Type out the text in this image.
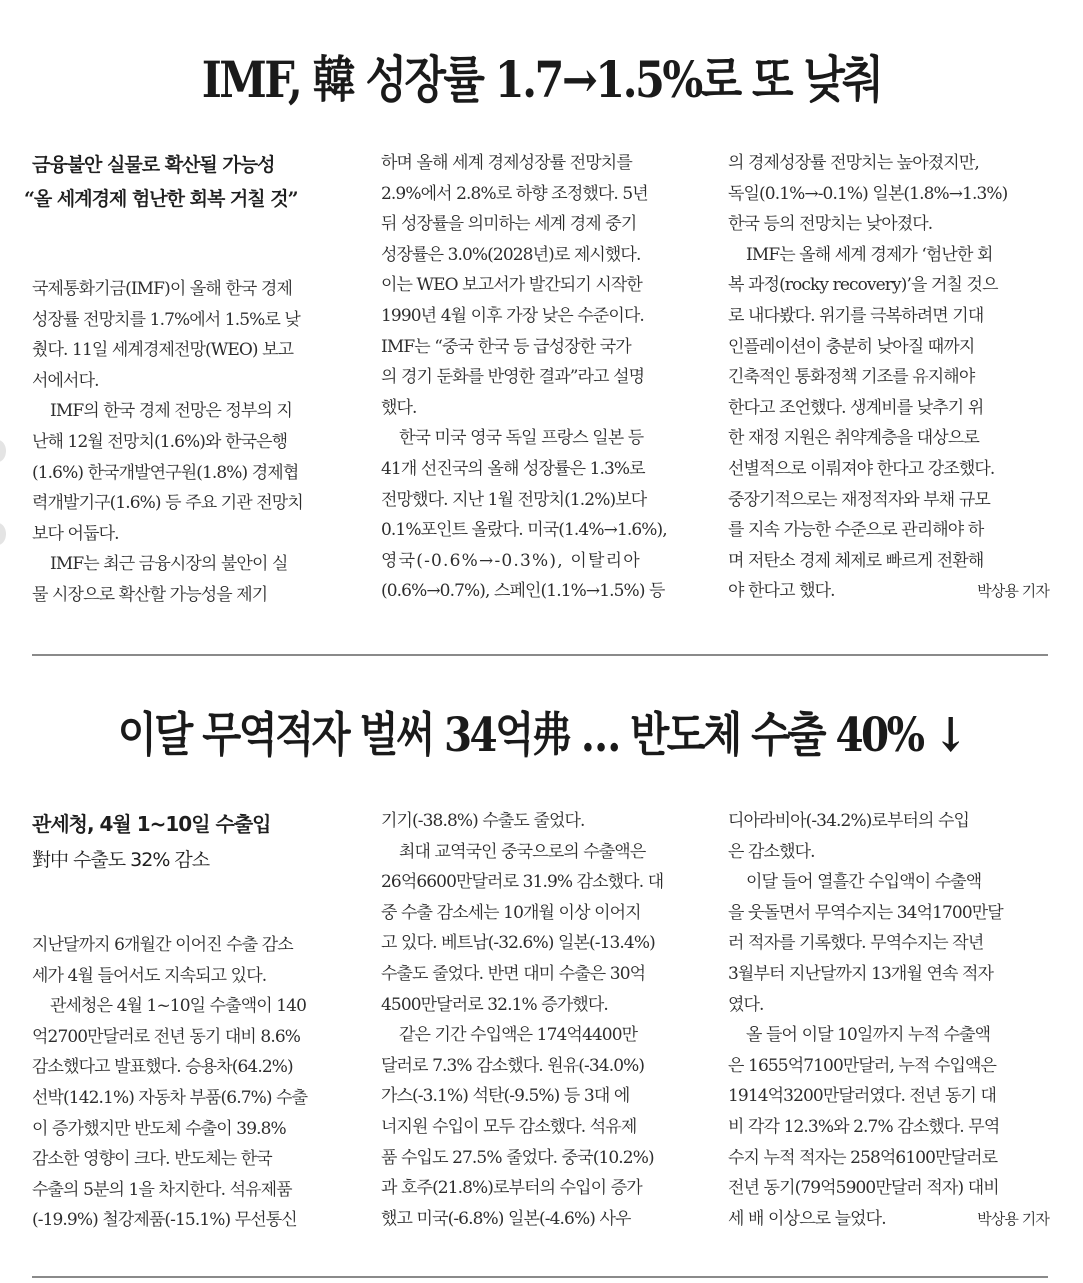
IMF, 韓 성장률 1.7→1.5%로 또 낮춰
금융불안 실물로 확산될 가능성
“올 세계경제 험난한 회복 거칠 것”
국제통화기금(IMF)이 올해 한국 경제
성장률 전망치를 1.7%에서 1.5%로 낮
췄다. 11일 세계경제전망(WEO) 보고
서에서다.
IMF의 한국 경제 전망은 정부의 지
난해 12월 전망치(1.6%)와 한국은행
(1.6%) 한국개발연구원(1.8%) 경제협
력개발기구(1.6%) 등 주요 기관 전망치
보다 어둡다.
IMF는 최근 금융시장의 불안이 실
물 시장으로 확산할 가능성을 제기
하며 올해 세계 경제성장률 전망치를
2.9%에서 2.8%로 하향 조정했다. 5년
뒤 성장률을 의미하는 세계 경제 중기
성장률은 3.0%(2028년)로 제시했다.
이는 WEO 보고서가 발간되기 시작한
1990년 4월 이후 가장 낮은 수준이다.
IMF는 “중국 한국 등 급성장한 국가
의 경기 둔화를 반영한 결과”라고 설명
했다.
한국 미국 영국 독일 프랑스 일본 등
41개 선진국의 올해 성장률은 1.3%로
전망했다. 지난 1월 전망치(1.2%)보다
0.1%포인트 올랐다. 미국(1.4%→1.6%),
영국(-0.6%→-0.3%), 이탈리아
(0.6%→0.7%), 스페인(1.1%→1.5%) 등
의 경제성장률 전망치는 높아졌지만,
독일(0.1%→-0.1%) 일본(1.8%→1.3%)
한국 등의 전망치는 낮아졌다.
IMF는 올해 세계 경제가 ‘험난한 회
복 과정(rocky recovery)’을 거칠 것으
로 내다봤다. 위기를 극복하려면 기대
인플레이션이 충분히 낮아질 때까지
긴축적인 통화정책 기조를 유지해야
한다고 조언했다. 생계비를 낮추기 위
한 재정 지원은 취약계층을 대상으로
선별적으로 이뤄져야 한다고 강조했다.
중장기적으로는 재정적자와 부채 규모
를 지속 가능한 수준으로 관리해야 하
며 저탄소 경제 체제로 빠르게 전환해
야 한다고 했다.	박상용 기자
이달 무역적자 벌써 34억弗 … 반도체 수출 40% ↓
관세청, 4월 1~10일 수출입
對中 수출도 32% 감소
지난달까지 6개월간 이어진 수출 감소
세가 4월 들어서도 지속되고 있다.
관세청은 4월 1~10일 수출액이 140
억2700만달러로 전년 동기 대비 8.6%
감소했다고 발표했다. 승용차(64.2%)
선박(142.1%) 자동차 부품(6.7%) 수출
이 증가했지만 반도체 수출이 39.8%
감소한 영향이 크다. 반도체는 한국
수출의 5분의 1을 차지한다. 석유제품
(-19.9%) 철강제품(-15.1%) 무선통신
기기(-38.8%) 수출도 줄었다.
최대 교역국인 중국으로의 수출액은
26억6600만달러로 31.9% 감소했다. 대
중 수출 감소세는 10개월 이상 이어지
고 있다. 베트남(-32.6%) 일본(-13.4%)
수출도 줄었다. 반면 대미 수출은 30억
4500만달러로 32.1% 증가했다.
같은 기간 수입액은 174억4400만
달러로 7.3% 감소했다. 원유(-34.0%)
가스(-3.1%) 석탄(-9.5%) 등 3대 에
너지원 수입이 모두 감소했다. 석유제
품 수입도 27.5% 줄었다. 중국(10.2%)
과 호주(21.8%)로부터의 수입이 증가
했고 미국(-6.8%) 일본(-4.6%) 사우
디아라비아(-34.2%)로부터의 수입
은 감소했다.
이달 들어 열흘간 수입액이 수출액
을 웃돌면서 무역수지는 34억1700만달
러 적자를 기록했다. 무역수지는 작년
3월부터 지난달까지 13개월 연속 적자
였다.
올 들어 이달 10일까지 누적 수출액
은 1655억7100만달러, 누적 수입액은
1914억3200만달러였다. 전년 동기 대
비 각각 12.3%와 2.7% 감소했다. 무역
수지 누적 적자는 258억6100만달러로
전년 동기(79억5900만달러 적자) 대비
세 배 이상으로 늘었다.	박상용 기자
